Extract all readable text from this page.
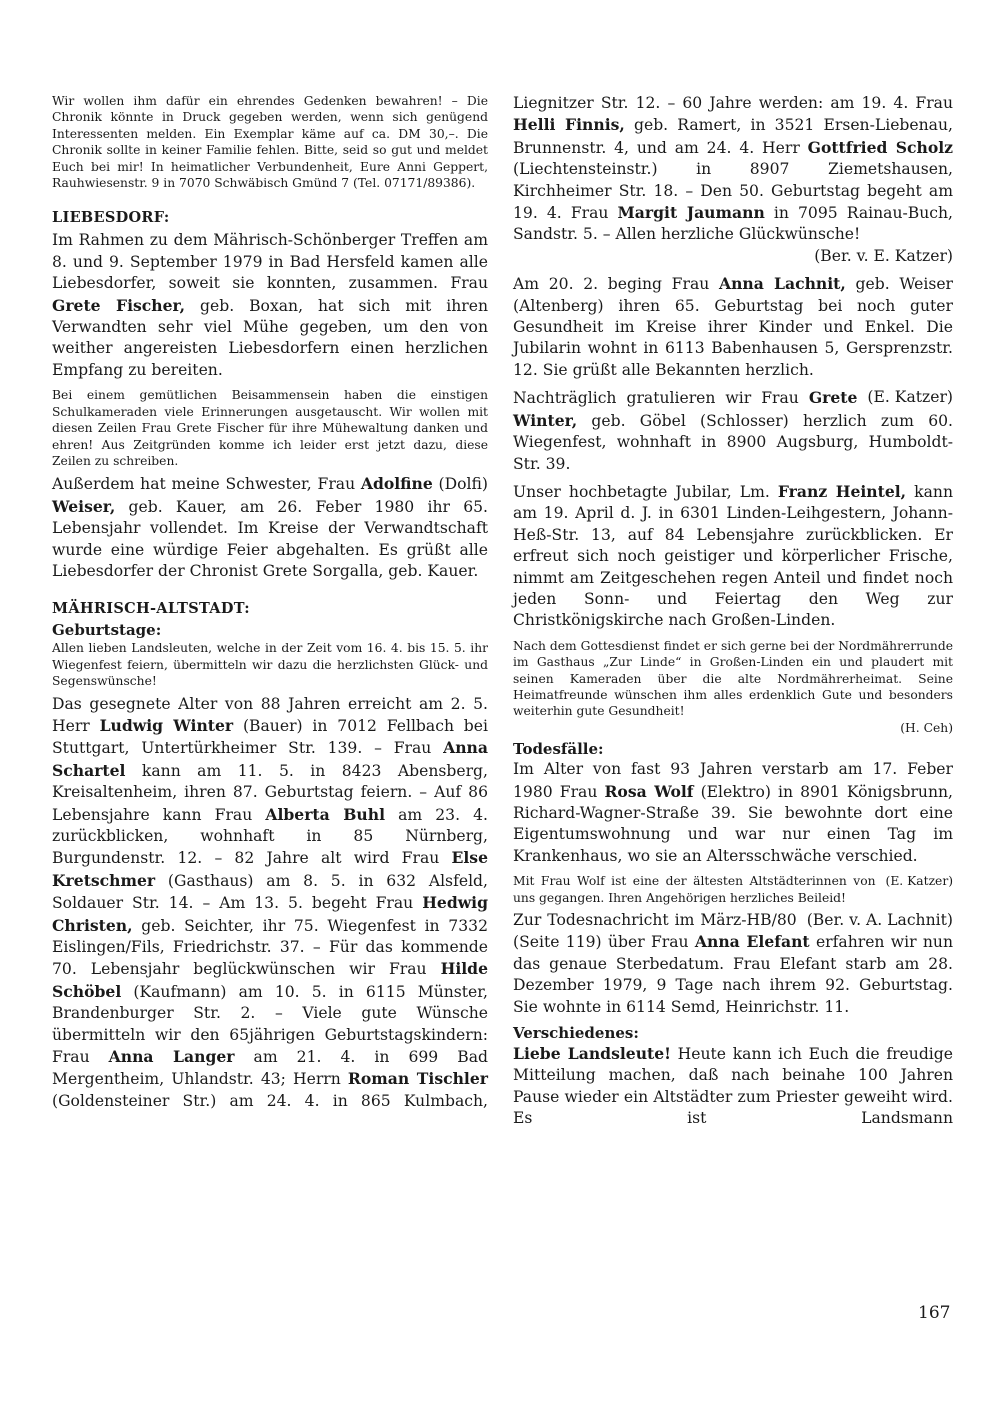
Wir wollen ihm dafür ein ehrendes Gedenken bewahren! – Die Chronik könnte in Druck gegeben werden, wenn sich genügend Interessenten melden. Ein Exemplar käme auf ca. DM 30,–. Die Chronik sollte in keiner Familie fehlen. Bitte, seid so gut und meldet Euch bei mir! In heimatlicher Verbundenheit, Eure Anni Geppert, Rauhwiesenstr. 9 in 7070 Schwäbisch Gmünd 7 (Tel. 07171/89386).

LIEBESDORF:

Im Rahmen zu dem Mährisch-Schönberger Treffen am 8. und 9. September 1979 in Bad Hersfeld kamen alle Liebesdorfer, soweit sie konnten, zusammen. Frau Grete Fischer, geb. Boxan, hat sich mit ihren Verwandten sehr viel Mühe gegeben, um den von weither angereisten Liebesdorfern einen herzlichen Empfang zu bereiten.

Bei einem gemütlichen Beisammensein haben die einstigen Schulkameraden viele Erinnerungen ausgetauscht. Wir wollen mit diesen Zeilen Frau Grete Fischer für ihre Mühewaltung danken und ehren! Aus Zeitgründen komme ich leider erst jetzt dazu, diese Zeilen zu schreiben.

Außerdem hat meine Schwester, Frau Adolfine (Dolfi) Weiser, geb. Kauer, am 26. Feber 1980 ihr 65. Lebensjahr vollendet. Im Kreise der Verwandtschaft wurde eine würdige Feier abgehalten. Es grüßt alle Liebesdorfer der Chronist Grete Sorgalla, geb. Kauer.

MÄHRISCH-ALTSTADT:
Geburtstage:

Allen lieben Landsleuten, welche in der Zeit vom 16. 4. bis 15. 5. ihr Wiegenfest feiern, übermitteln wir dazu die herzlichsten Glück- und Segenswünsche!

Das gesegnete Alter von 88 Jahren erreicht am 2. 5. Herr Ludwig Winter (Bauer) in 7012 Fellbach bei Stuttgart, Untertürkheimer Str. 139. – Frau Anna Schartel kann am 11. 5. in 8423 Abensberg, Kreisaltenheim, ihren 87. Geburtstag feiern. – Auf 86 Lebensjahre kann Frau Alberta Buhl am 23. 4. zurückblicken, wohnhaft in 85 Nürnberg, Burgundenstr. 12. – 82 Jahre alt wird Frau Else Kretschmer (Gasthaus) am 8. 5. in 632 Alsfeld, Soldauer Str. 14. – Am 13. 5. begeht Frau Hedwig Christen, geb. Seichter, ihr 75. Wiegenfest in 7332 Eislingen/Fils, Friedrichstr. 37. – Für das kommende 70. Lebensjahr beglückwünschen wir Frau Hilde Schöbel (Kaufmann) am 10. 5. in 6115 Münster, Brandenburger Str. 2. – Viele gute Wünsche übermitteln wir den 65jährigen Geburtstagskindern: Frau Anna Langer am 21. 4. in 699 Bad Mergentheim, Uhlandstr. 43; Herrn Roman Tischler (Goldensteiner Str.) am 24. 4. in 865 Kulmbach,

Liegnitzer Str. 12. – 60 Jahre werden: am 19. 4. Frau Helli Finnis, geb. Ramert, in 3521 Ersen-Liebenau, Brunnenstr. 4, und am 24. 4. Herr Gottfried Scholz (Liechtensteinstr.) in 8907 Ziemetshausen, Kirchheimer Str. 18. – Den 50. Geburtstag begeht am 19. 4. Frau Margit Jaumann in 7095 Rainau-Buch, Sandstr. 5. – Allen herzliche Glückwünsche!
(Ber. v. E. Katzer)

Am 20. 2. beging Frau Anna Lachnit, geb. Weiser (Altenberg) ihren 65. Geburtstag bei noch guter Gesundheit im Kreise ihrer Kinder und Enkel. Die Jubilarin wohnt in 6113 Babenhausen 5, Gersprenzstr. 12. Sie grüßt alle Bekannten herzlich.

(E. Katzer)
Nachträglich gratulieren wir Frau Grete Winter, geb. Göbel (Schlosser) herzlich zum 60. Wiegenfest, wohnhaft in 8900 Augsburg, Humboldt-Str. 39.

Unser hochbetagte Jubilar, Lm. Franz Heintel, kann am 19. April d. J. in 6301 Linden-Leihgestern, Johann-Heß-Str. 13, auf 84 Lebensjahre zurückblicken. Er erfreut sich noch geistiger und körperlicher Frische, nimmt am Zeitgeschehen regen Anteil und findet noch jeden Sonn- und Feiertag den Weg zur Christkönigskirche nach Großen-Linden.

Nach dem Gottesdienst findet er sich gerne bei der Nordmährerrunde im Gasthaus „Zur Linde“ in Großen-Linden ein und plaudert mit seinen Kameraden über die alte Nordmährerheimat. Seine Heimatfreunde wünschen ihm alles erdenklich Gute und besonders weiterhin gute Gesundheit!
(H. Ceh)

Todesfälle:

Im Alter von fast 93 Jahren verstarb am 17. Feber 1980 Frau Rosa Wolf (Elektro) in 8901 Königsbrunn, Richard-Wagner-Straße 39. Sie bewohnte dort eine Eigentumswohnung und war nur einen Tag im Krankenhaus, wo sie an Altersschwäche verschied.

(E. Katzer)
Mit Frau Wolf ist eine der ältesten Altstädterinnen von uns gegangen. Ihren Angehörigen herzliches Beileid!

(Ber. v. A. Lachnit)
Zur Todesnachricht im März-HB/80 (Seite 119) über Frau Anna Elefant erfahren wir nun das genaue Sterbedatum. Frau Elefant starb am 28. Dezember 1979, 9 Tage nach ihrem 92. Geburtstag. Sie wohnte in 6114 Semd, Heinrichstr. 11.

Verschiedenes:

Liebe Landsleute! Heute kann ich Euch die freudige Mitteilung machen, daß nach beinahe 100 Jahren Pause wieder ein Altstädter zum Priester geweiht wird. Es ist Landsmann

167
